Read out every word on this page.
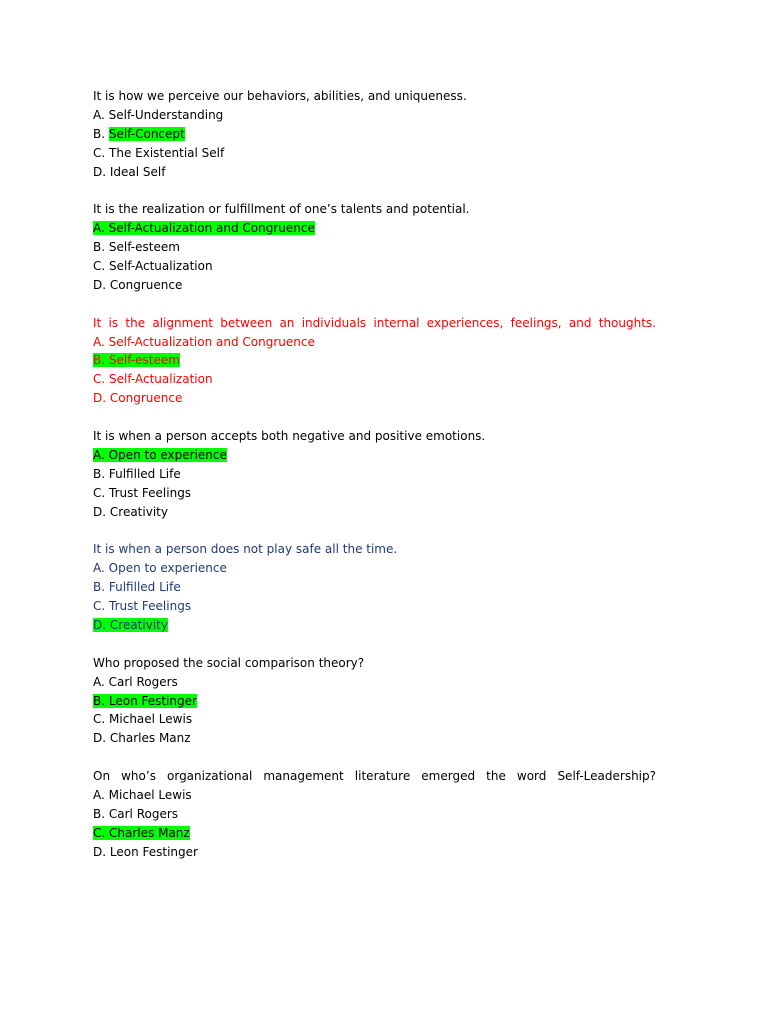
It is how we perceive our behaviors, abilities, and uniqueness.
A. Self-Understanding
B. Self-Concept
C. The Existential Self
D. Ideal Self
It is the realization or fulfillment of one’s talents and potential.
A. Self-Actualization and Congruence
B. Self-esteem
C. Self-Actualization
D. Congruence
It is the alignment between an individuals internal experiences, feelings, and thoughts.
A. Self-Actualization and Congruence
B. Self-esteem
C. Self-Actualization
D. Congruence
It is when a person accepts both negative and positive emotions.
A. Open to experience
B. Fulfilled Life
C. Trust Feelings
D. Creativity
It is when a person does not play safe all the time.
A. Open to experience
B. Fulfilled Life
C. Trust Feelings
D. Creativity
Who proposed the social comparison theory?
A. Carl Rogers
B. Leon Festinger
C. Michael Lewis
D. Charles Manz
On who’s organizational management literature emerged the word Self-Leadership?
A. Michael Lewis
B. Carl Rogers
C. Charles Manz
D. Leon Festinger
